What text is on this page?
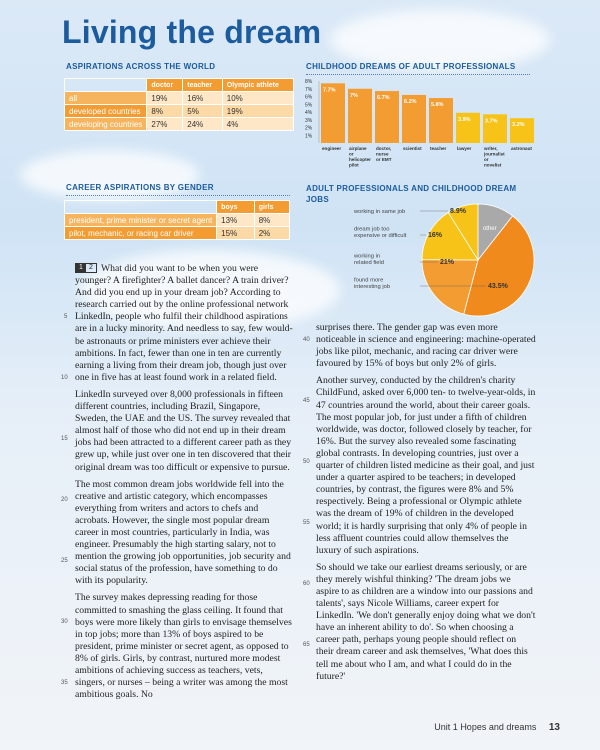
Living the dream
ASPIRATIONS ACROSS THE WORLD
	doctor	teacher	Olympic athlete
all	19%	16%	10%
developed countries	8%	5%	19%
developing countries	27%	24%	4%
CAREER ASPIRATIONS BY GENDER
	boys	girls
president, prime minister or secret agent	13%	8%
pilot, mechanic, or racing car driver	15%	2%
CHILDHOOD DREAMS OF ADULT PROFESSIONALS
8%
7%
6%
5%
4%
3%
2%
1%
7.7%
engineer
7%
airplane
or
helicopter
pilot
6.7%
doctor,
nurse
or EMT
6.2%
scientist
5.8%
teacher
3.9%
lawyer
3.7%
writer,
journalist
or
novelist
3.2%
astronaut
ADULT PROFESSIONALS AND CHILDHOOD DREAM JOBS
other
working in same job	8.9%
dream job too
expensive or difficult	16%
working in
related field	21%
found more
interesting job	43.5%

1 2 What did you want to be when you were younger? A firefighter? A ballet dancer? A train driver? And did you end up in your dream job? According to research carried out by the online professional network LinkedIn, people who fulfil their childhood aspirations are in a lucky minority. And needless to say, few would-be astronauts or prime ministers ever achieve their ambitions. In fact, fewer than one in ten are currently earning a living from their dream job, though just over one in five has at least found work in a related field.

LinkedIn surveyed over 8,000 professionals in fifteen different countries, including Brazil, Singapore, Sweden, the UAE and the US. The survey revealed that almost half of those who did not end up in their dream jobs had been attracted to a different career path as they grew up, while just over one in ten discovered that their original dream was too difficult or expensive to pursue.

The most common dream jobs worldwide fell into the creative and artistic category, which encompasses everything from writers and actors to chefs and acrobats. However, the single most popular dream career in most countries, particularly in India, was engineer. Presumably the high starting salary, not to mention the growing job opportunities, job security and social status of the profession, have something to do with its popularity.

The survey makes depressing reading for those committed to smashing the glass ceiling. It found that boys were more likely than girls to envisage themselves in top jobs; more than 13% of boys aspired to be president, prime minister or secret agent, as opposed to 8% of girls. Girls, by contrast, nurtured more modest ambitions of achieving success as teachers, vets, singers, or nurses – being a writer was among the most ambitious goals. No

surprises there. The gender gap was even more noticeable in science and engineering: machine-operated jobs like pilot, mechanic, and racing car driver were favoured by 15% of boys but only 2% of girls.

Another survey, conducted by the children's charity ChildFund, asked over 6,000 ten- to twelve-year-olds, in 47 countries around the world, about their career goals. The most popular job, for just under a fifth of children worldwide, was doctor, followed closely by teacher, for 16%. But the survey also revealed some fascinating global contrasts. In developing countries, just over a quarter of children listed medicine as their goal, and just under a quarter aspired to be teachers; in developed countries, by contrast, the figures were 8% and 5% respectively. Being a professional or Olympic athlete was the dream of 19% of children in the developed world; it is hardly surprising that only 4% of people in less affluent countries could allow themselves the luxury of such aspirations.

So should we take our earliest dreams seriously, or are they merely wishful thinking? 'The dream jobs we aspire to as children are a window into our passions and talents', says Nicole Williams, career expert for LinkedIn. 'We don't generally enjoy doing what we don't have an inherent ability to do'. So when choosing a career path, perhaps young people should reflect on their dream career and ask themselves, 'What does this tell me about who I am, and what I could do in the future?'

5
10
15
20
25
30
35
40
45
50
55
60
65
Unit 1 Hopes and dreams 13
